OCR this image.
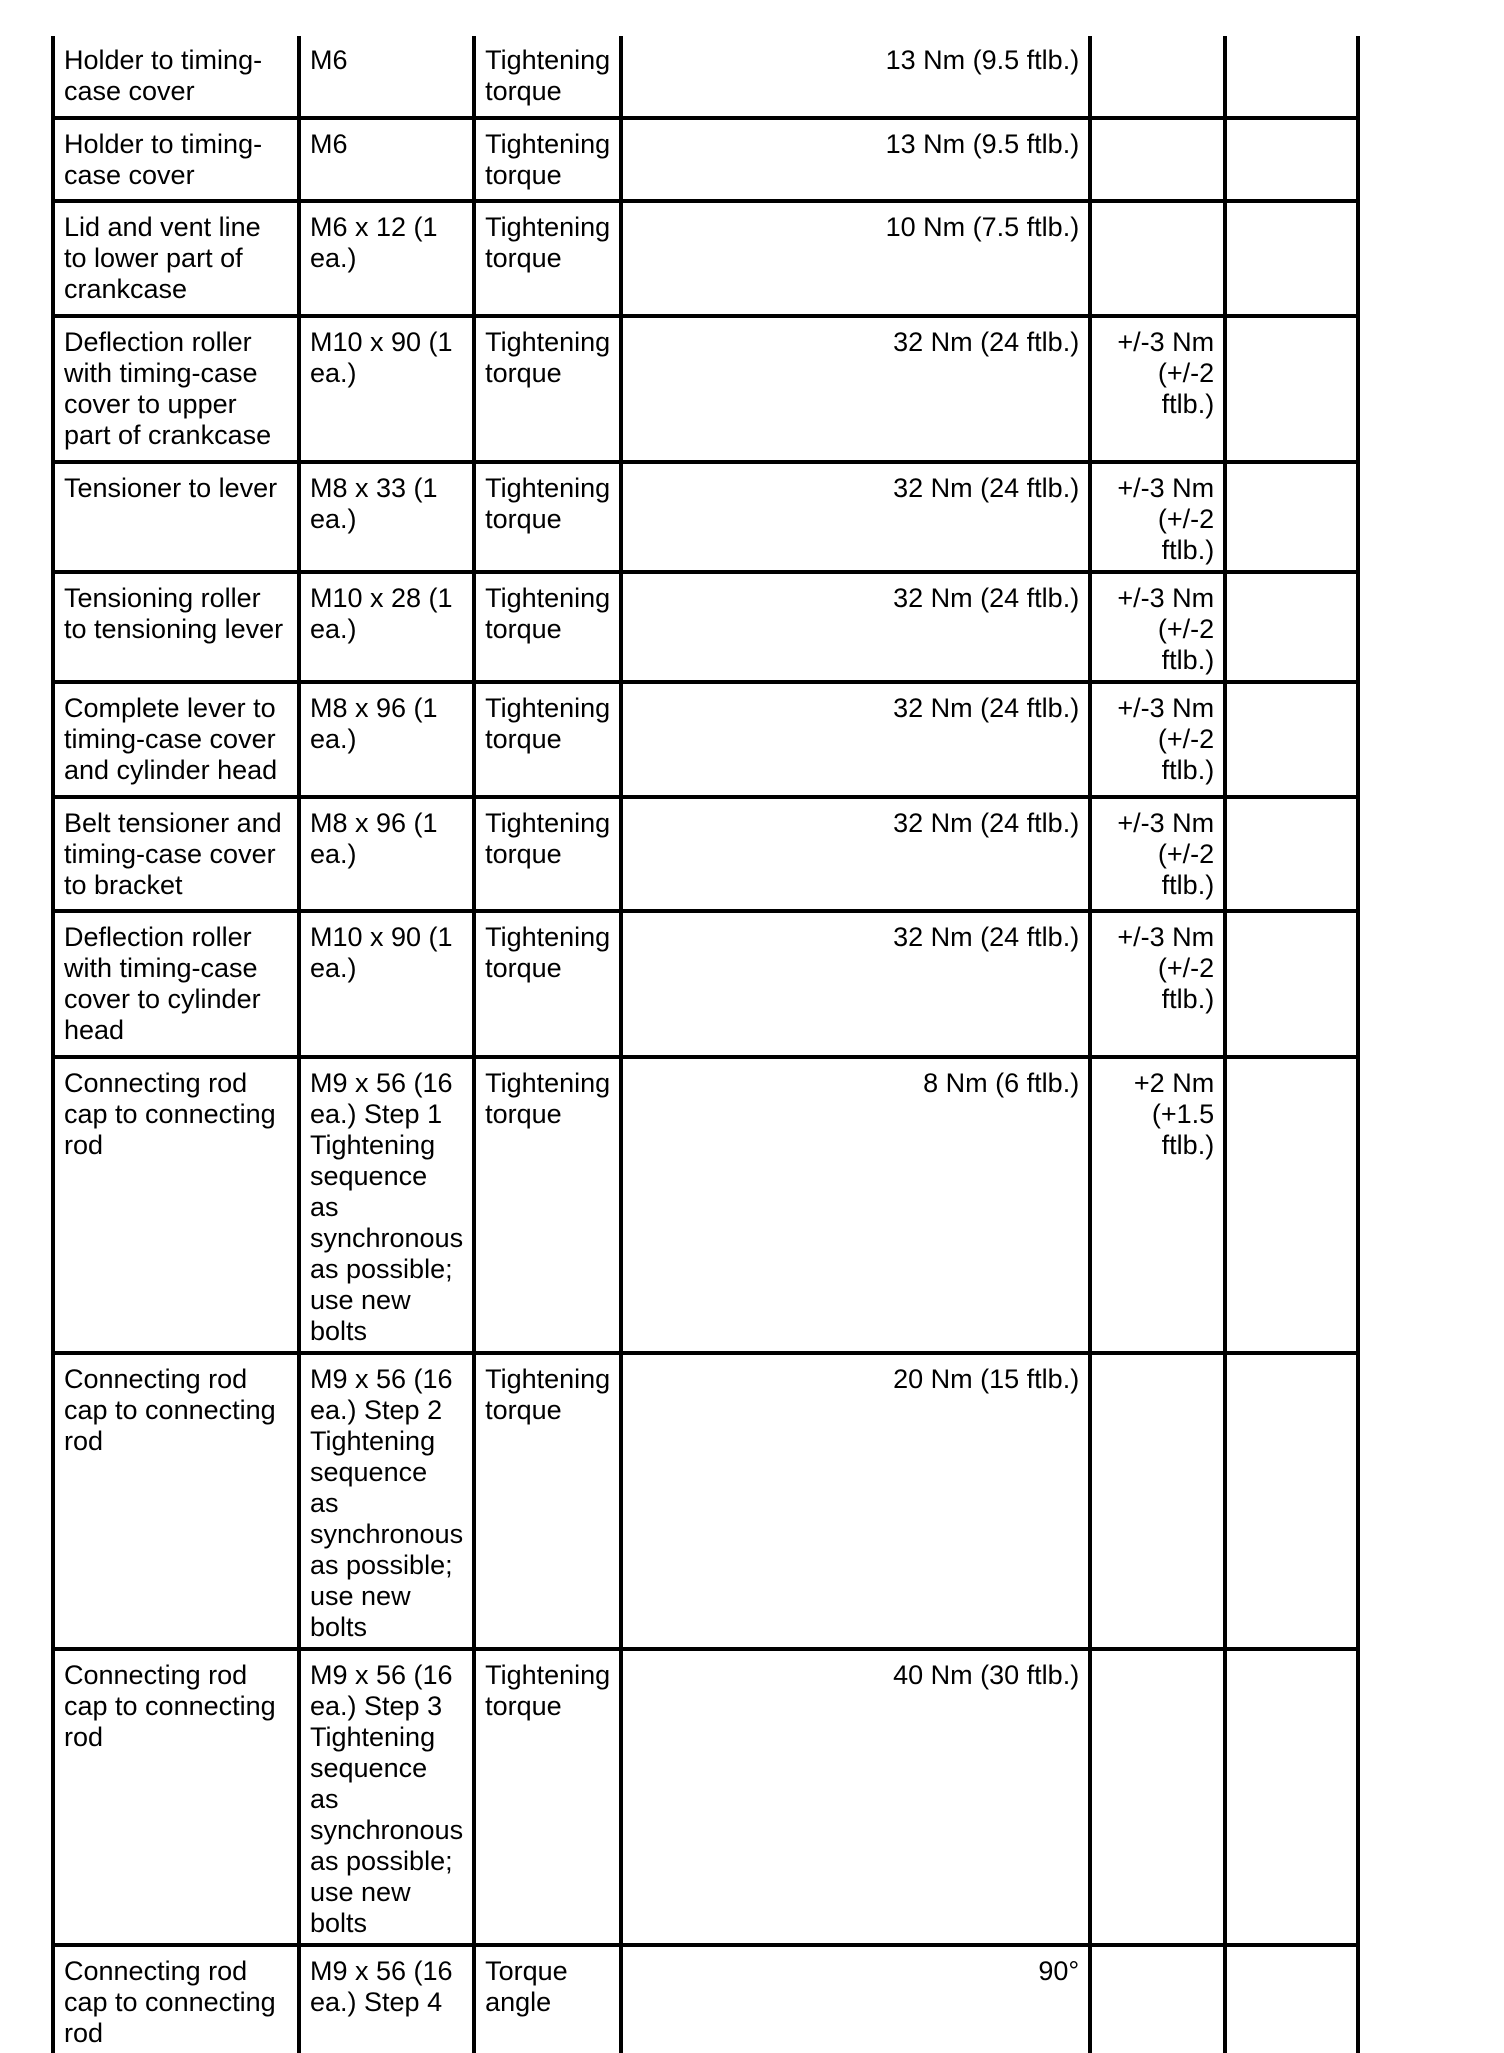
Holder to timing-case cover	M6	Tightening torque	13 Nm (9.5 ftlb.)		
Holder to timing-case cover	M6	Tightening torque	13 Nm (9.5 ftlb.)		
Lid and vent line to lower part of crankcase	M6 x 12 (1 ea.)	Tightening torque	10 Nm (7.5 ftlb.)		
Deflection roller with timing-case cover to upper part of crankcase	M10 x 90 (1 ea.)	Tightening torque	32 Nm (24 ftlb.)	+/-3 Nm (+/-2 ftlb.)	
Tensioner to lever	M8 x 33 (1 ea.)	Tightening torque	32 Nm (24 ftlb.)	+/-3 Nm (+/-2 ftlb.)	
Tensioning roller to tensioning lever	M10 x 28 (1 ea.)	Tightening torque	32 Nm (24 ftlb.)	+/-3 Nm (+/-2 ftlb.)	
Complete lever to timing-case cover and cylinder head	M8 x 96 (1 ea.)	Tightening torque	32 Nm (24 ftlb.)	+/-3 Nm (+/-2 ftlb.)	
Belt tensioner and timing-case cover to bracket	M8 x 96 (1 ea.)	Tightening torque	32 Nm (24 ftlb.)	+/-3 Nm (+/-2 ftlb.)	
Deflection roller with timing-case cover to cylinder head	M10 x 90 (1 ea.)	Tightening torque	32 Nm (24 ftlb.)	+/-3 Nm (+/-2 ftlb.)	
Connecting rod cap to connecting rod	M9 x 56 (16 ea.) Step 1 Tightening sequence as synchronous as possible; use new bolts	Tightening torque	8 Nm (6 ftlb.)	+2 Nm (+1.5 ftlb.)	
Connecting rod cap to connecting rod	M9 x 56 (16 ea.) Step 2 Tightening sequence as synchronous as possible; use new bolts	Tightening torque	20 Nm (15 ftlb.)		
Connecting rod cap to connecting rod	M9 x 56 (16 ea.) Step 3 Tightening sequence as synchronous as possible; use new bolts	Tightening torque	40 Nm (30 ftlb.)		
Connecting rod cap to connecting rod	M9 x 56 (16 ea.) Step 4	Torque angle	90°		
